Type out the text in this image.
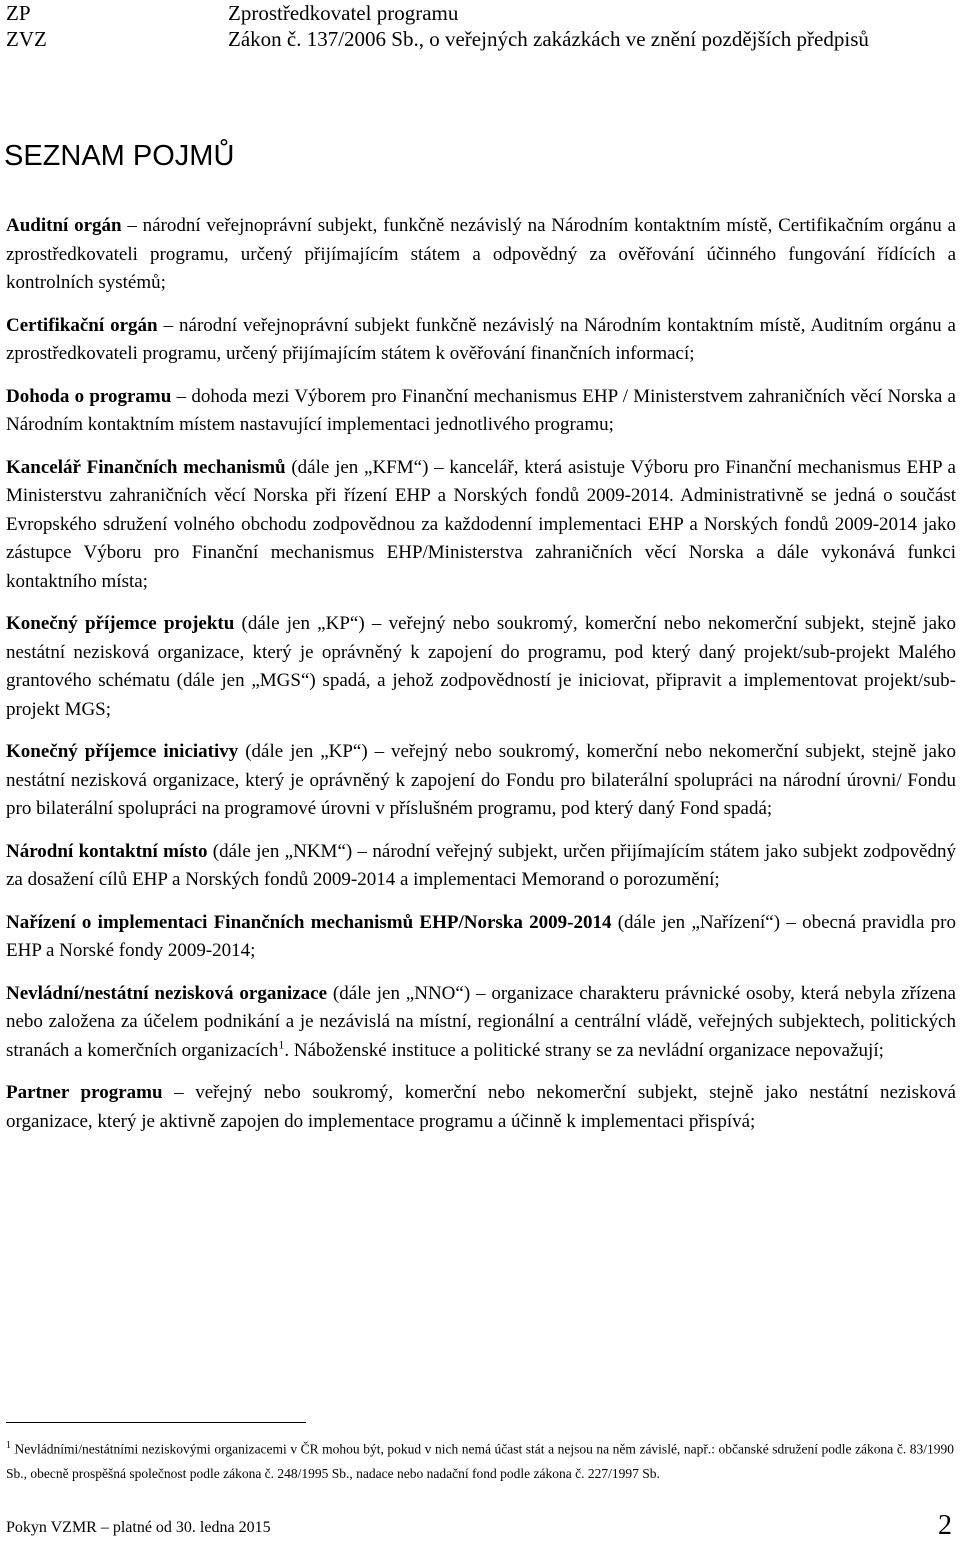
ZP
ZVZ
Zprostředkovatel programu
Zákon č. 137/2006 Sb., o veřejných zakázkách ve znění pozdějších předpisů
SEZNAM POJMŮ

Auditní orgán – národní veřejnoprávní subjekt, funkčně nezávislý na Národním kontaktním místě, Certifikačním orgánu a zprostředkovateli programu, určený přijímajícím státem a odpovědný za ověřování účinného fungování řídících a kontrolních systémů;

Certifikační orgán – národní veřejnoprávní subjekt funkčně nezávislý na Národním kontaktním místě, Auditním orgánu a zprostředkovateli programu, určený přijímajícím státem k ověřování finančních informací;

Dohoda o programu – dohoda mezi Výborem pro Finanční mechanismus EHP / Ministerstvem zahraničních věcí Norska a Národním kontaktním místem nastavující implementaci jednotlivého programu;

Kancelář Finančních mechanismů (dále jen „KFM“) – kancelář, která asistuje Výboru pro Finanční mechanismus EHP a Ministerstvu zahraničních věcí Norska při řízení EHP a Norských fondů 2009-2014. Administrativně se jedná o součást Evropského sdružení volného obchodu zodpovědnou za každodenní implementaci EHP a Norských fondů 2009-2014 jako zástupce Výboru pro Finanční mechanismus EHP/Ministerstva zahraničních věcí Norska a dále vykonává funkci kontaktního místa;

Konečný příjemce projektu (dále jen „KP“) – veřejný nebo soukromý, komerční nebo nekomerční subjekt, stejně jako nestátní nezisková organizace, který je oprávněný k zapojení do programu, pod který daný projekt/sub-projekt Malého grantového schématu (dále jen „MGS“) spadá, a jehož zodpovědností je iniciovat, připravit a implementovat projekt/sub-projekt MGS;

Konečný příjemce iniciativy (dále jen „KP“) – veřejný nebo soukromý, komerční nebo nekomerční subjekt, stejně jako nestátní nezisková organizace, který je oprávněný k zapojení do Fondu pro bilaterální spolupráci na národní úrovni/ Fondu pro bilaterální spolupráci na programové úrovni v příslušném programu, pod který daný Fond spadá;

Národní kontaktní místo (dále jen „NKM“) – národní veřejný subjekt, určen přijímajícím státem jako subjekt zodpovědný za dosažení cílů EHP a Norských fondů 2009-2014 a implementaci Memorand o porozumění;

Nařízení o implementaci Finančních mechanismů EHP/Norska 2009-2014 (dále jen „Nařízení“) – obecná pravidla pro EHP a Norské fondy 2009-2014;

Nevládní/nestátní nezisková organizace (dále jen „NNO“) – organizace charakteru právnické osoby, která nebyla zřízena nebo založena za účelem podnikání a je nezávislá na místní, regionální a centrální vládě, veřejných subjektech, politických stranách a komerčních organizacích$^1$. Náboženské instituce a politické strany se za nevládní organizace nepovažují;

Partner programu – veřejný nebo soukromý, komerční nebo nekomerční subjekt, stejně jako nestátní nezisková organizace, který je aktivně zapojen do implementace programu a účinně k implementaci přispívá;

$^1$ Nevládními/nestátními neziskovými organizacemi v ČR mohou být, pokud v nich nemá účast stát a nejsou na něm závislé, např.: občanské sdružení podle zákona č. 83/1990 Sb., obecně prospěšná společnost podle zákona č. 248/1995 Sb., nadace nebo nadační fond podle zákona č. 227/1997 Sb.
Pokyn VZMR – platné od 30. ledna 2015	2
